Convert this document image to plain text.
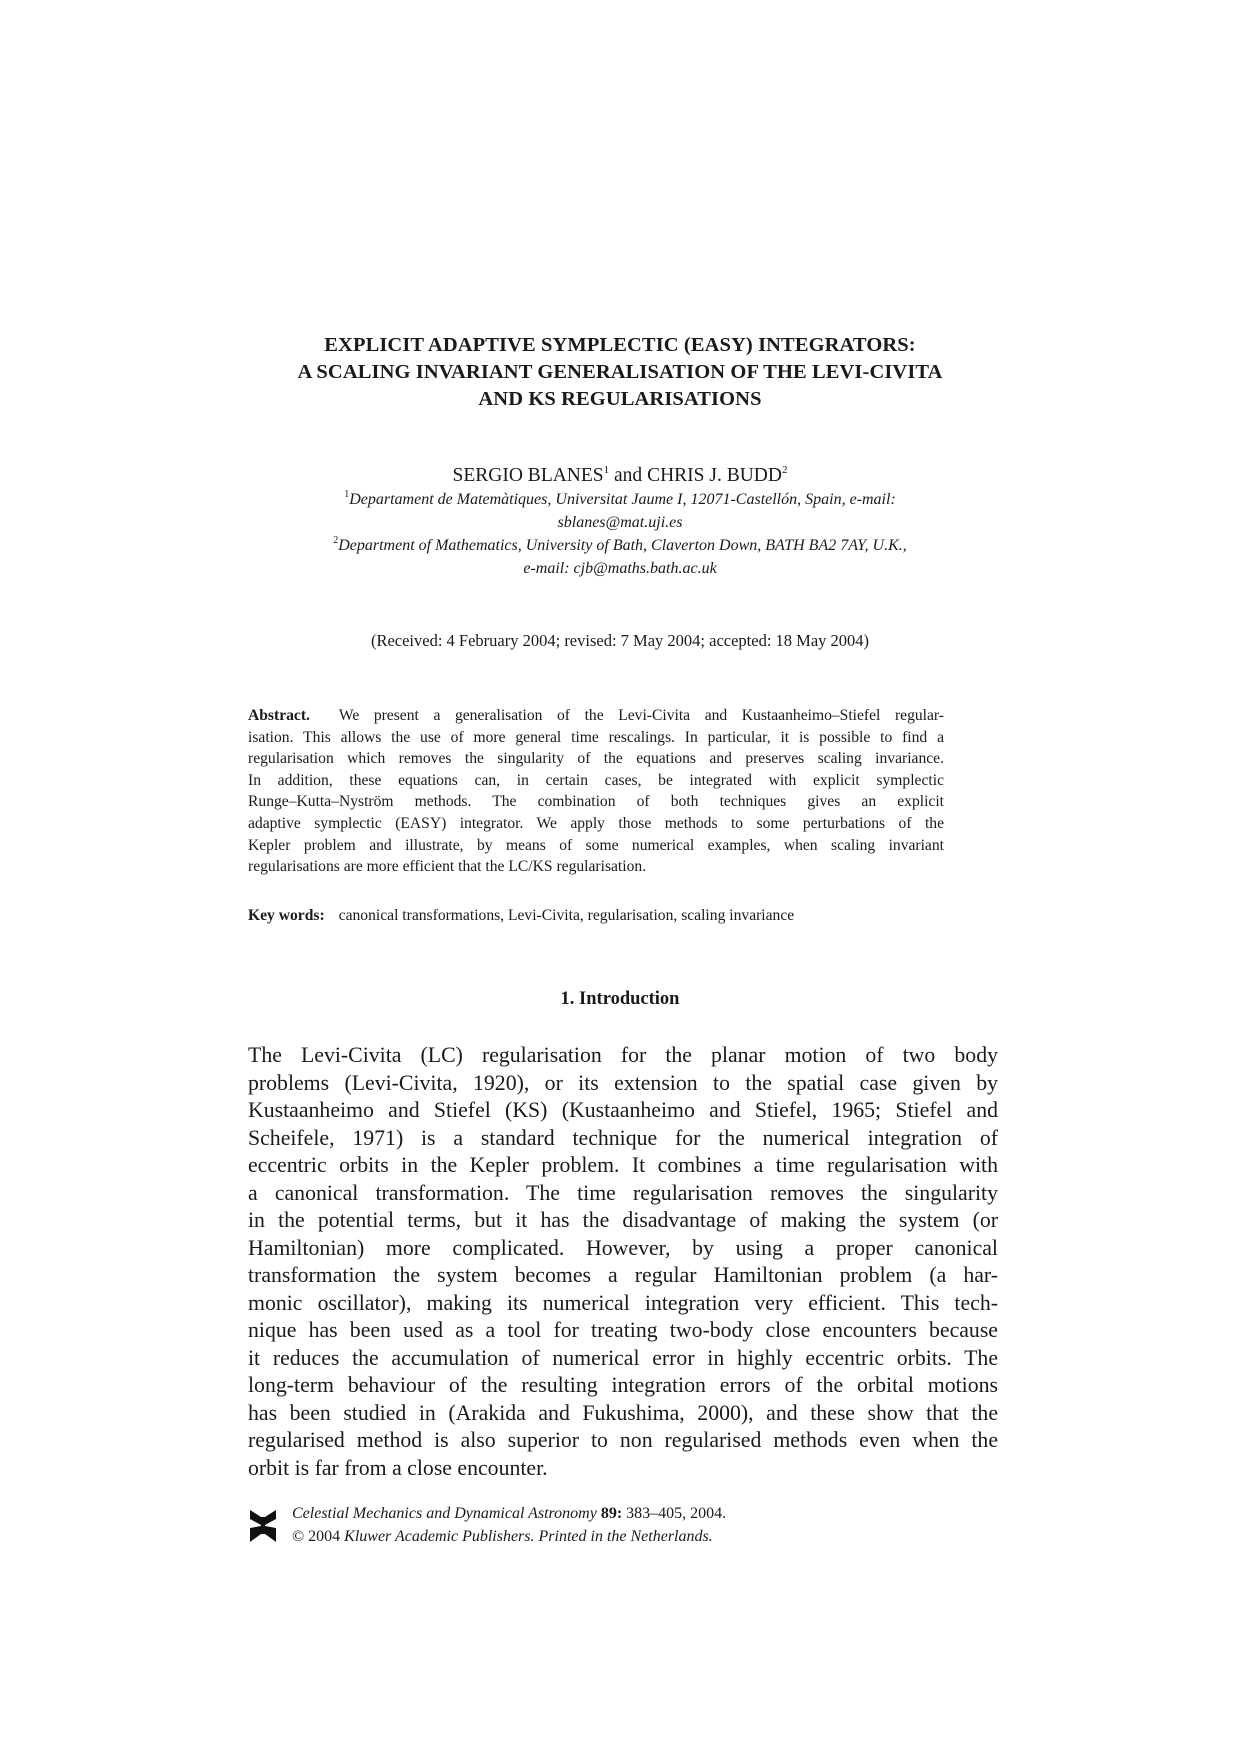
EXPLICIT ADAPTIVE SYMPLECTIC (EASY) INTEGRATORS:
A SCALING INVARIANT GENERALISATION OF THE LEVI-CIVITA
AND KS REGULARISATIONS
SERGIO BLANES$^1$ and CHRIS J. BUDD$^2$
$^1$Departament de Matemàtiques, Universitat Jaume I, 12071-Castellón, Spain, e-mail:
sblanes@mat.uji.es
$^2$Department of Mathematics, University of Bath, Claverton Down, BATH BA2 7AY, U.K.,
e-mail: cjb@maths.bath.ac.uk
(Received: 4 February 2004; revised: 7 May 2004; accepted: 18 May 2004)
Abstract. We present a generalisation of the Levi-Civita and Kustaanheimo–Stiefel regular-
isation. This allows the use of more general time rescalings. In particular, it is possible to find a
regularisation which removes the singularity of the equations and preserves scaling invariance.
In addition, these equations can, in certain cases, be integrated with explicit symplectic
Runge–Kutta–Nyström methods. The combination of both techniques gives an explicit
adaptive symplectic (EASY) integrator. We apply those methods to some perturbations of the
Kepler problem and illustrate, by means of some numerical examples, when scaling invariant
regularisations are more efficient that the LC/KS regularisation.
Key words: canonical transformations, Levi-Civita, regularisation, scaling invariance
1. Introduction
The Levi-Civita (LC) regularisation for the planar motion of two body
problems (Levi-Civita, 1920), or its extension to the spatial case given by
Kustaanheimo and Stiefel (KS) (Kustaanheimo and Stiefel, 1965; Stiefel and
Scheifele, 1971) is a standard technique for the numerical integration of
eccentric orbits in the Kepler problem. It combines a time regularisation with
a canonical transformation. The time regularisation removes the singularity
in the potential terms, but it has the disadvantage of making the system (or
Hamiltonian) more complicated. However, by using a proper canonical
transformation the system becomes a regular Hamiltonian problem (a har-
monic oscillator), making its numerical integration very efficient. This tech-
nique has been used as a tool for treating two-body close encounters because
it reduces the accumulation of numerical error in highly eccentric orbits. The
long-term behaviour of the resulting integration errors of the orbital motions
has been studied in (Arakida and Fukushima, 2000), and these show that the
regularised method is also superior to non regularised methods even when the
orbit is far from a close encounter.
Celestial Mechanics and Dynamical Astronomy 89: 383–405, 2004.
© 2004 Kluwer Academic Publishers. Printed in the Netherlands.
